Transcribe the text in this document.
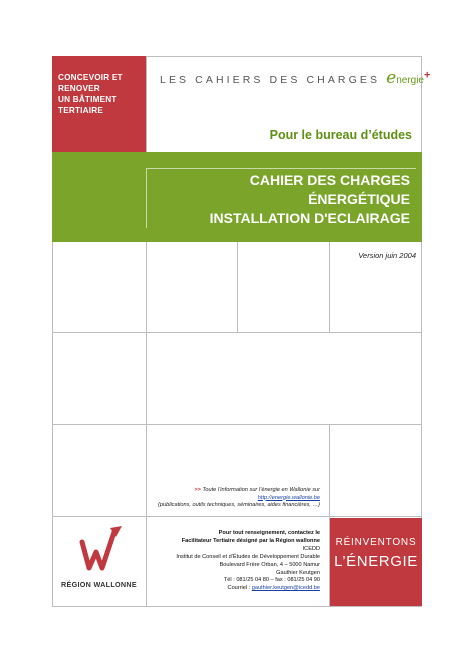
CONCEVOIR ET
RENOVER
UN BÂTIMENT
TERTIAIRE
LES CAHIERS DES CHARGES energie+
Pour le bureau d’études
CAHIER DES CHARGES
ÉNERGÉTIQUE
INSTALLATION D'ECLAIRAGE
Version juin 2004
>> Toute l’information sur l’énergie en Wallonie sur
http://energie.wallonie.be
(publications, outils techniques, séminaires, aides financières, …)
Pour tout renseignement, contactez le
Facilitateur Tertiaire désigné par la Région wallonne
ICEDD
Institut de Conseil et d’Études de Développement Durable
Boulevard Frère Orban, 4 – 5000 Namur
Gauthier Keutgen
Tél : 081/25 04 80 – fax : 081/25 04 90
Courriel : gauthier.keutgen@icedd.be
RÉGION WALLONNE
RÉINVENTONS
L’ÉNERGIE
